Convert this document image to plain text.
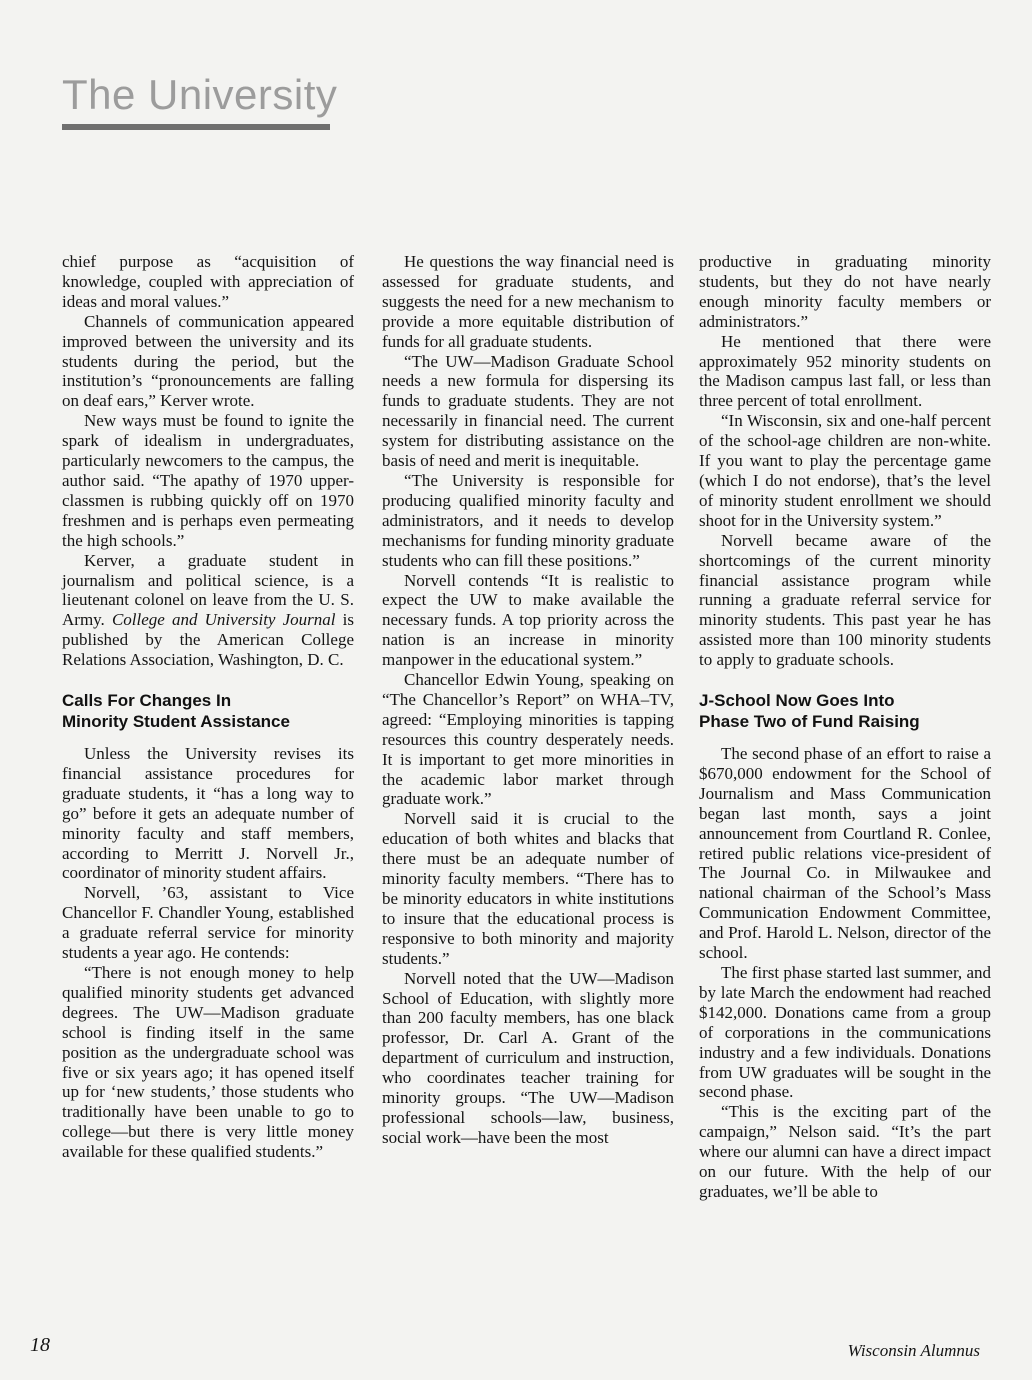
The University

chief purpose as “acquisition of knowledge, coupled with appreciation of ideas and moral values.”

Channels of communication appeared improved between the university and its students during the period, but the institution’s “pronouncements are falling on deaf ears,” Kerver wrote.

New ways must be found to ignite the spark of idealism in undergraduates, particularly newcomers to the campus, the author said. “The apathy of 1970 upper-classmen is rubbing quickly off on 1970 freshmen and is perhaps even permeating the high schools.”

Kerver, a graduate student in journalism and political science, is a lieutenant colonel on leave from the U. S. Army. College and University Journal is published by the American College Relations Association, Washington, D. C.

Calls For Changes In
Minority Student Assistance

Unless the University revises its financial assistance procedures for graduate students, it “has a long way to go” before it gets an adequate number of minority faculty and staff members, according to Merritt J. Norvell Jr., coordinator of minority student affairs.

Norvell, ’63, assistant to Vice Chancellor F. Chandler Young, established a graduate referral service for minority students a year ago. He contends:

“There is not enough money to help qualified minority students get advanced degrees. The UW—Madison graduate school is finding itself in the same position as the undergraduate school was five or six years ago; it has opened itself up for ‘new students,’ those students who traditionally have been unable to go to college—but there is very little money available for these qualified students.”

He questions the way financial need is assessed for graduate students, and suggests the need for a new mechanism to provide a more equitable distribution of funds for all graduate students.

“The UW—Madison Graduate School needs a new formula for dispersing its funds to graduate students. They are not necessarily in financial need. The current system for distributing assistance on the basis of need and merit is inequitable.

“The University is responsible for producing qualified minority faculty and administrators, and it needs to develop mechanisms for funding minority graduate students who can fill these positions.”

Norvell contends “It is realistic to expect the UW to make available the necessary funds. A top priority across the nation is an increase in minority manpower in the educational system.”

Chancellor Edwin Young, speaking on “The Chancellor’s Report” on WHA–TV, agreed: “Employing minorities is tapping resources this country desperately needs. It is important to get more minorities in the academic labor market through graduate work.”

Norvell said it is crucial to the education of both whites and blacks that there must be an adequate number of minority faculty members. “There has to be minority educators in white institutions to insure that the educational process is responsive to both minority and majority students.”

Norvell noted that the UW—Madison School of Education, with slightly more than 200 faculty members, has one black professor, Dr. Carl A. Grant of the department of curriculum and instruction, who coordinates teacher training for minority groups. “The UW—Madison professional schools—law, business, social work—have been the most

productive in graduating minority students, but they do not have nearly enough minority faculty members or administrators.”

He mentioned that there were approximately 952 minority students on the Madison campus last fall, or less than three percent of total enrollment.

“In Wisconsin, six and one-half percent of the school-age children are non-white. If you want to play the percentage game (which I do not endorse), that’s the level of minority student enrollment we should shoot for in the University system.”

Norvell became aware of the shortcomings of the current minority financial assistance program while running a graduate referral service for minority students. This past year he has assisted more than 100 minority students to apply to graduate schools.

J-School Now Goes Into
Phase Two of Fund Raising

The second phase of an effort to raise a $670,000 endowment for the School of Journalism and Mass Communication began last month, says a joint announcement from Courtland R. Conlee, retired public relations vice-president of The Journal Co. in Milwaukee and national chairman of the School’s Mass Communication Endowment Committee, and Prof. Harold L. Nelson, director of the school.

The first phase started last summer, and by late March the endowment had reached $142,000. Donations came from a group of corporations in the communications industry and a few individuals. Donations from UW graduates will be sought in the second phase.

“This is the exciting part of the campaign,” Nelson said. “It’s the part where our alumni can have a direct impact on our future. With the help of our graduates, we’ll be able to

18	Wisconsin Alumnus
